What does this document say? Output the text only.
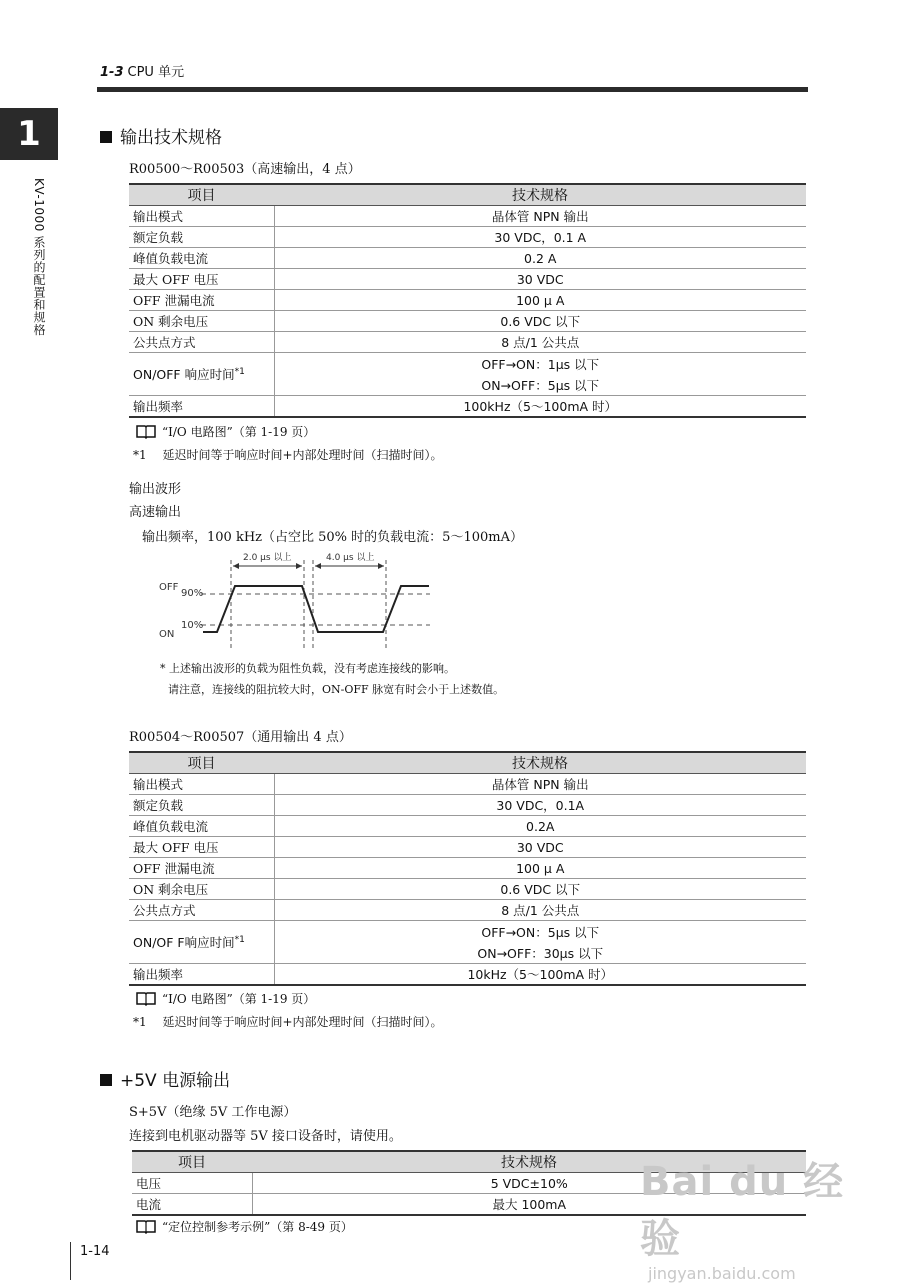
1-3 CPU 单元
1
KV-1000 系列的配置和规格
输出技术规格
R00500～R00503（高速输出，4 点）
项目	技术规格
输出模式	晶体管 NPN 输出
额定负载	30 VDC，0.1 A
峰值负载电流	0.2 A
最大 OFF 电压	30 VDC
OFF 泄漏电流	100 μ A
ON 剩余电压	0.6 VDC 以下
公共点方式	8 点/1 公共点
ON/OFF 响应时间$^{*1}$	OFF→ON：1μs 以下
	ON→OFF：5μs 以下
输出频率	100kHz（5～100mA 时）
“I/O 电路图”（第 1-19 页）
*1 延迟时间等于响应时间+内部处理时间（扫描时间）。
输出波形
高速输出
输出频率，100 kHz（占空比 50% 时的负载电流：5～100mA）
2.0 μs 以上	4.0 μs 以上
OFF
90%
10%
ON
* 上述输出波形的负载为阻性负载，没有考虑连接线的影响。
请注意，连接线的阻抗较大时，ON-OFF 脉宽有时会小于上述数值。
R00504～R00507（通用输出 4 点）
项目	技术规格
输出模式	晶体管 NPN 输出
额定负载	30 VDC，0.1A
峰值负载电流	0.2A
最大 OFF 电压	30 VDC
OFF 泄漏电流	100 μ A
ON 剩余电压	0.6 VDC 以下
公共点方式	8 点/1 公共点
ON/OF F响应时间$^{*1}$	OFF→ON：5μs 以下
	ON→OFF：30μs 以下
输出频率	10kHz（5～100mA 时）
“I/O 电路图”（第 1-19 页）
*1 延迟时间等于响应时间+内部处理时间（扫描时间）。
+5V 电源输出
S+5V（绝缘 5V 工作电源）
连接到电机驱动器等 5V 接口设备时，请使用。
项目	技术规格
电压	5 VDC±10%
电流	最大 100mA
“定位控制参考示例”（第 8-49 页）
Bai du 经验
jingyan.baidu.com
1-14
